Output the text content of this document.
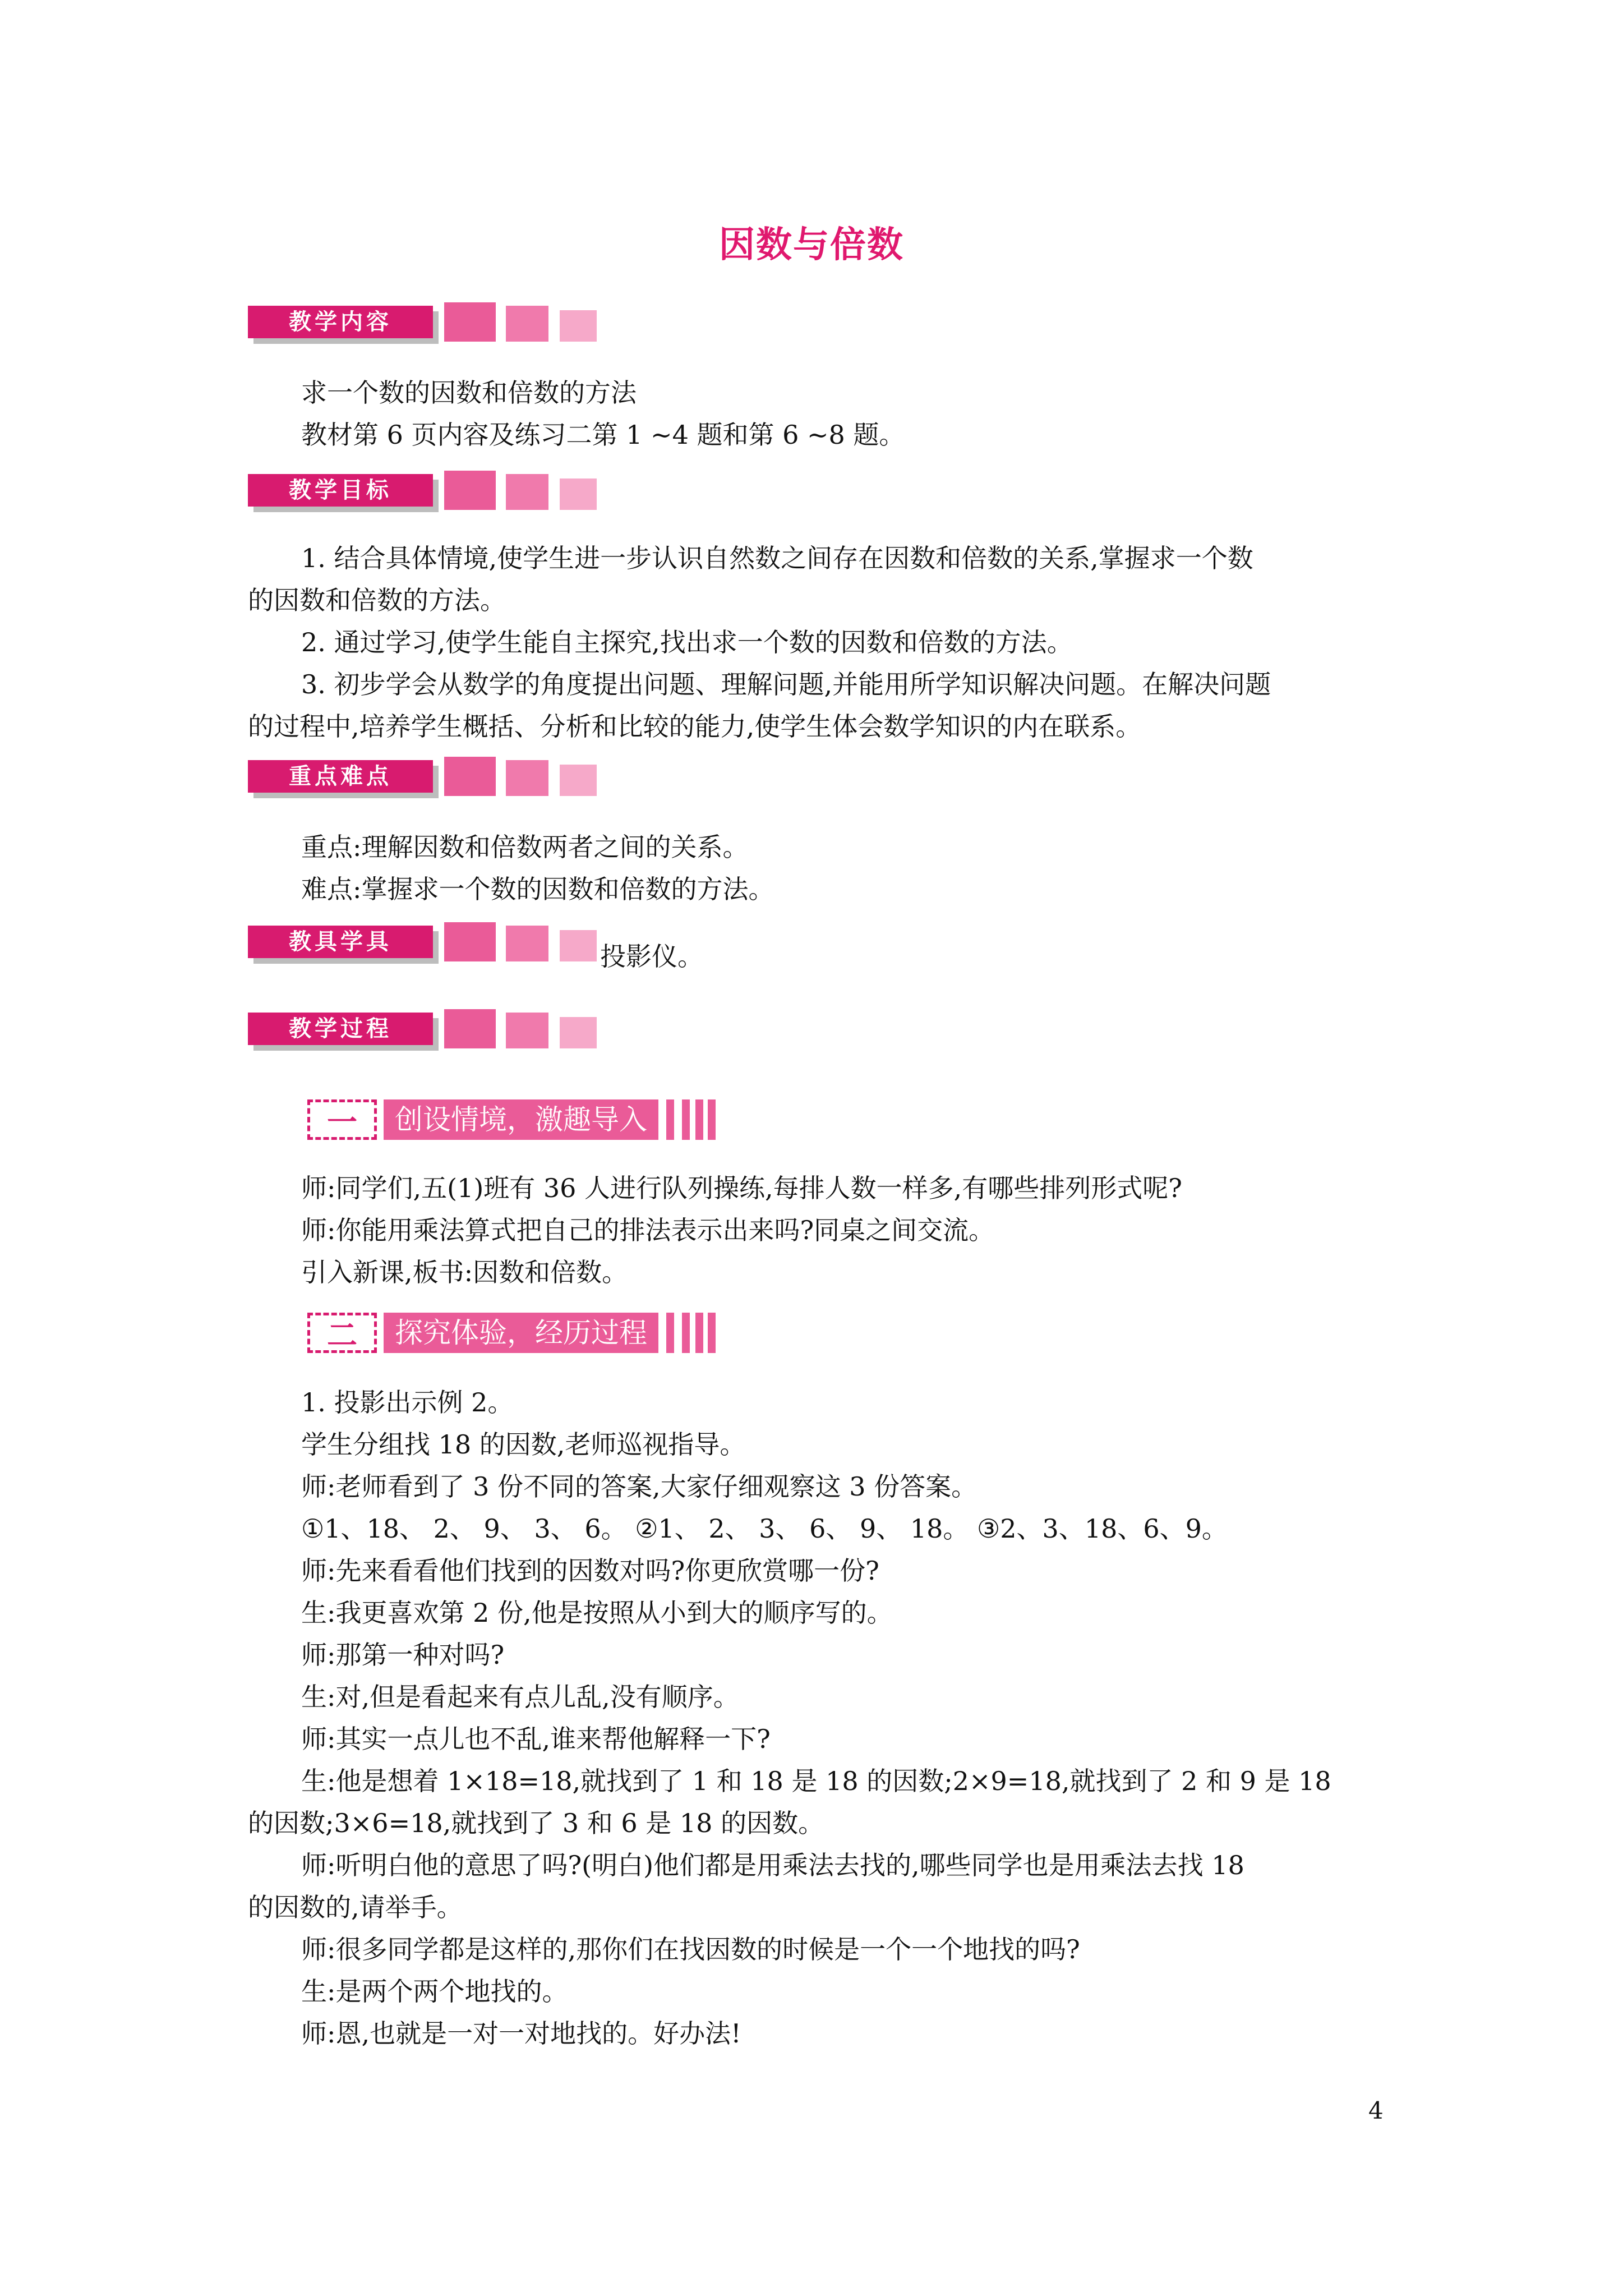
因数与倍数
教学内容
求一个数的因数和倍数的方法
教材第 6 页内容及练习二第 1 ~4 题和第 6 ~8 题。
教学目标
1. 结合具体情境,使学生进一步认识自然数之间存在因数和倍数的关系,掌握求一个数
的因数和倍数的方法。
2. 通过学习,使学生能自主探究,找出求一个数的因数和倍数的方法。
3. 初步学会从数学的角度提出问题、理解问题,并能用所学知识解决问题。在解决问题
的过程中,培养学生概括、分析和比较的能力,使学生体会数学知识的内在联系。
重点难点
重点:理解因数和倍数两者之间的关系。
难点:掌握求一个数的因数和倍数的方法。
教具学具	投影仪。
教学过程
一	创设情境，激趣导入
师:同学们,五(1)班有 36 人进行队列操练,每排人数一样多,有哪些排列形式呢?
师:你能用乘法算式把自己的排法表示出来吗?同桌之间交流。
引入新课,板书:因数和倍数。
二	探究体验，经历过程
1. 投影出示例 2。
学生分组找 18 的因数,老师巡视指导。
师:老师看到了 3 份不同的答案,大家仔细观察这 3 份答案。
①1、18、 2、 9、 3、 6。 ②1、 2、 3、 6、 9、 18。 ③2、3、18、6、9。
师:先来看看他们找到的因数对吗?你更欣赏哪一份?
生:我更喜欢第 2 份,他是按照从小到大的顺序写的。
师:那第一种对吗?
生:对,但是看起来有点儿乱,没有顺序。
师:其实一点儿也不乱,谁来帮他解释一下?
生:他是想着 1×18=18,就找到了 1 和 18 是 18 的因数;2×9=18,就找到了 2 和 9 是 18
的因数;3×6=18,就找到了 3 和 6 是 18 的因数。
师:听明白他的意思了吗?(明白)他们都是用乘法去找的,哪些同学也是用乘法去找 18
的因数的,请举手。
师:很多同学都是这样的,那你们在找因数的时候是一个一个地找的吗?
生:是两个两个地找的。
师:恩,也就是一对一对地找的。好办法!
4
